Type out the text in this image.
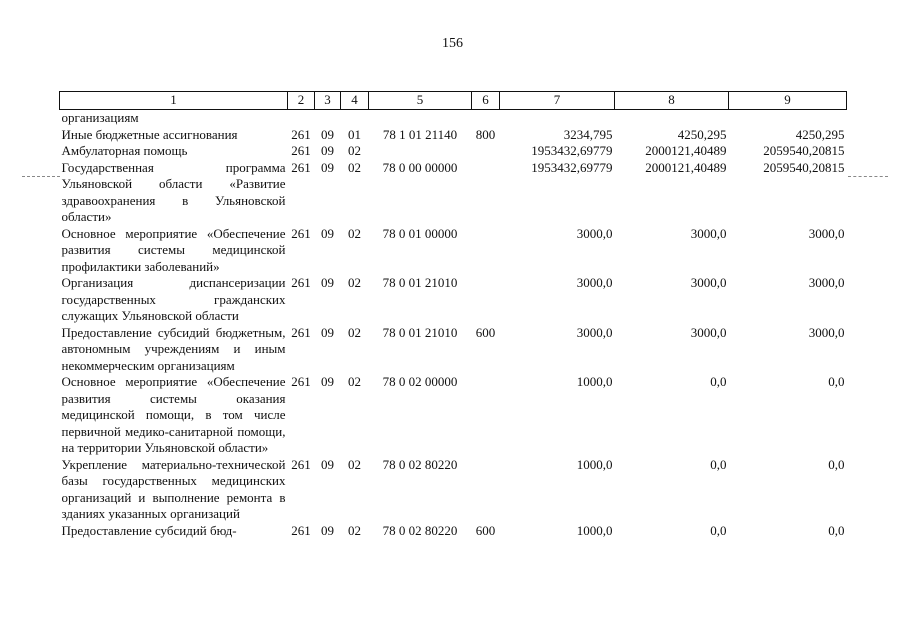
156
1	2	3	4	5	6	7	8	9
организациям								
Иные бюджетные ассигнования	261	09	01	78 1 01 21140	800	3234,795	4250,295	4250,295
Амбулаторная помощь	261	09	02			1953432,69779	2000121,40489	2059540,20815
Государственная программа Ульяновской области «Развитие здравоохранения в Ульяновской области»	261	09	02	78 0 00 00000		1953432,69779	2000121,40489	2059540,20815
Основное мероприятие «Обеспечение развития системы медицинской профилактики заболеваний»	261	09	02	78 0 01 00000		3000,0	3000,0	3000,0
Организация диспансеризации государственных гражданских служащих Ульяновской области	261	09	02	78 0 01 21010		3000,0	3000,0	3000,0
Предоставление субсидий бюджетным, автономным учреждениям и иным некоммерческим организациям	261	09	02	78 0 01 21010	600	3000,0	3000,0	3000,0
Основное мероприятие «Обеспечение развития системы оказания медицинской помощи, в том числе первичной медико-санитарной помощи, на территории Ульяновской области»	261	09	02	78 0 02 00000		1000,0	0,0	0,0
Укрепление материально-технической базы государственных медицинских организаций и выполнение ремонта в зданиях указанных организаций	261	09	02	78 0 02 80220		1000,0	0,0	0,0
Предоставление субсидий бюд-	261	09	02	78 0 02 80220	600	1000,0	0,0	0,0
